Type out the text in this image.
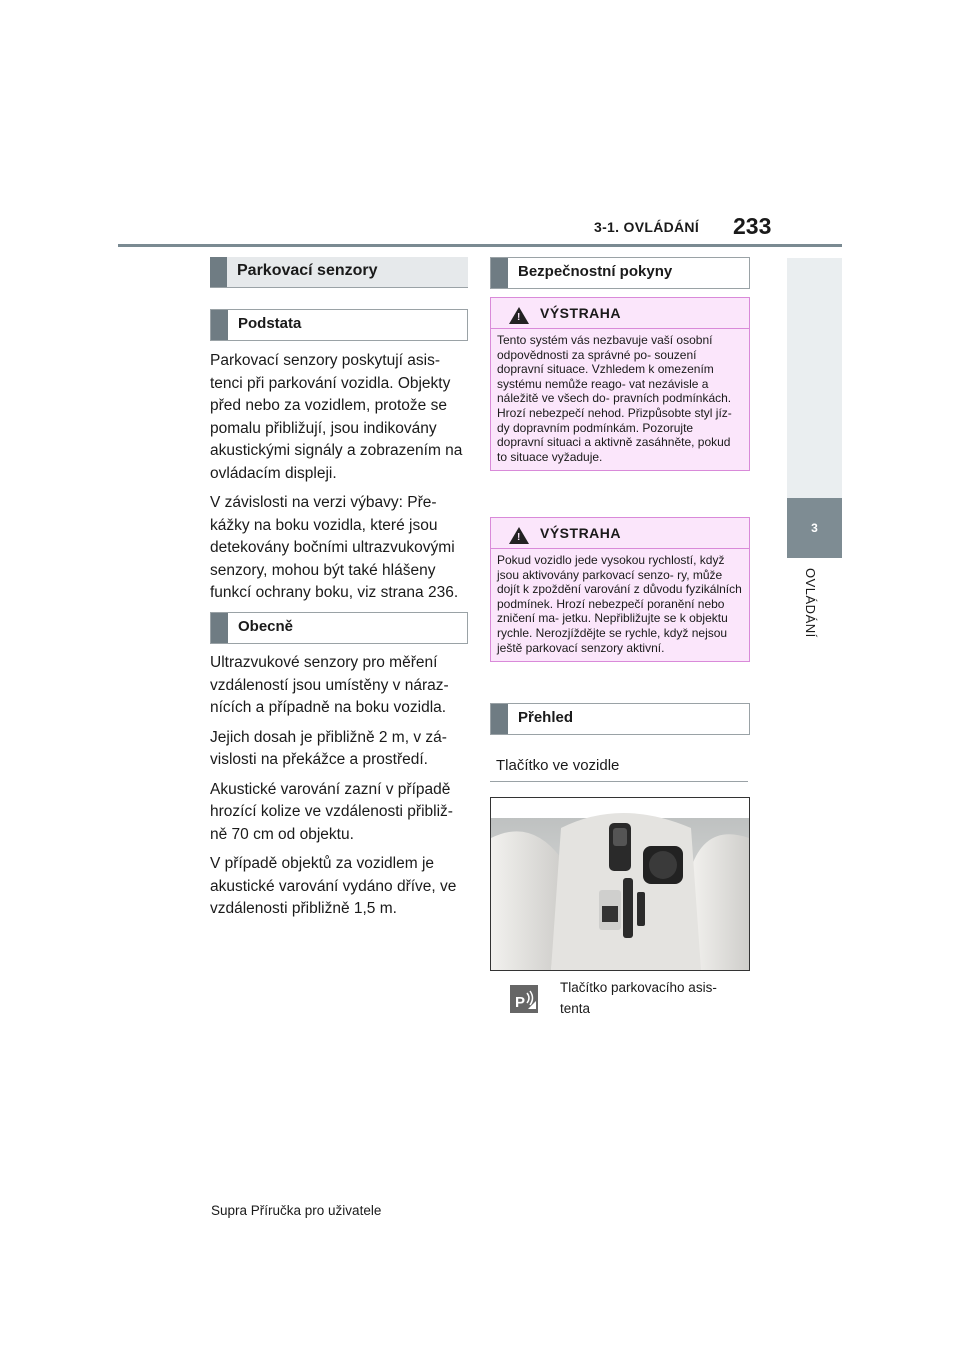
3-1. OVLÁDÁNÍ 233
3
OVLÁDÁNÍ
Parkovací senzory
Podstata

Parkovací senzory poskytují asis- tenci při parkování vozidla. Objekty před nebo za vozidlem, protože se pomalu přibližují, jsou indikovány akustickými signály a zobrazením na ovládacím displeji.

V závislosti na verzi výbavy: Pře- kážky na boku vozidla, které jsou detekovány bočními ultrazvukovými senzory, mohou být také hlášeny funkcí ochrany boku, viz strana 236.

Obecně

Ultrazvukové senzory pro měření vzdáleností jsou umístěny v náraz- nících a případně na boku vozidla.

Jejich dosah je přibližně 2 m, v zá- vislosti na překážce a prostředí.

Akustické varování zazní v případě hrozící kolize ve vzdálenosti přibliž- ně 70 cm od objektu.

V případě objektů za vozidlem je akustické varování vydáno dříve, ve vzdálenosti přibližně 1,5 m.

Bezpečnostní pokyny
! VÝSTRAHA
Tento systém vás nezbavuje vaší osobní odpovědnosti za správné po- souzení dopravní situace. Vzhledem k omezením systému nemůže reago- vat nezávisle a náležitě ve všech do- pravních podmínkách. Hrozí nebezpečí nehod. Přizpůsobte styl jíz- dy dopravním podmínkám. Pozorujte dopravní situaci a aktivně zasáhněte, pokud to situace vyžaduje.
! VÝSTRAHA
Pokud vozidlo jede vysokou rychlostí, když jsou aktivovány parkovací senzo- ry, může dojít k zpoždění varování z důvodu fyzikálních podmínek. Hrozí nebezpečí poranění nebo zničení ma- jetku. Nepřibližujte se k objektu rychle. Nerozjíždějte se rychle, když nejsou ještě parkovací senzory aktivní.
Přehled
Tlačítko ve vozidle
P
Tlačítko parkovacího asis- tenta
Supra Příručka pro uživatele
